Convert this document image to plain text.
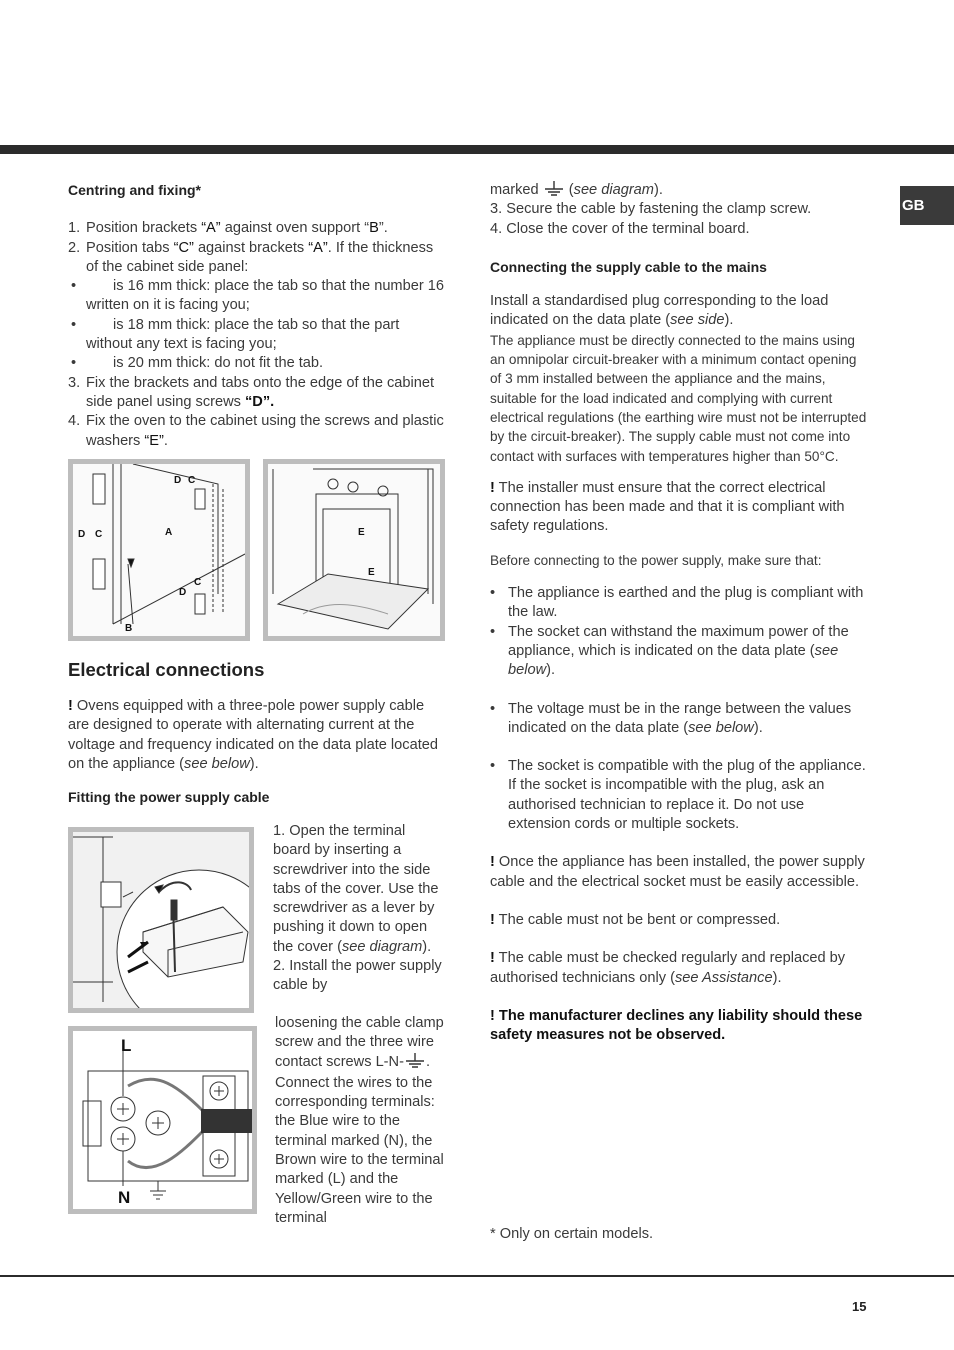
GB
Centring and fixing*
1. Position brackets “A” against oven support “B”.
2. Position tabs “C” against brackets “A”. If the thickness of the cabinet side panel:
•	is 16 mm thick: place the tab so that the number 16 written on it is facing you;
•	is 18 mm thick: place the tab so that the part without any text is facing you;
•	is 20 mm thick: do not fit the tab.
3. Fix the brackets and tabs onto the edge of the cabinet side panel using screws “D”.
4. Fix the oven to the cabinet using the screws and plastic washers “E”.
D C
D C	A
D
C
B
E
E
Electrical connections
! Ovens equipped with a three-pole power supply cable are designed to operate with alternating current at the voltage and frequency indicated on the data plate located on the appliance (see below).
Fitting the power supply cable
1. Open the terminal board by inserting a screwdriver into the side tabs of the cover. Use the screwdriver as a lever by pushing it down to open the cover (see diagram).
2. Install the power supply cable by
L
N
loosening the cable clamp screw and the three wire contact screws L-N- .
Connect the wires to the corresponding terminals: the Blue wire to the terminal marked (N), the Brown wire to the terminal marked (L) and the Yellow/Green wire to the terminal
marked  (see diagram).
3. Secure the cable by fastening the clamp screw.
4. Close the cover of the terminal board.
Connecting the supply cable to the mains
Install a standardised plug corresponding to the load indicated on the data plate (see side).
The appliance must be directly connected to the mains using an omnipolar circuit-breaker with a minimum contact opening of 3 mm installed between the appliance and the mains, suitable for the load indicated and complying with current electrical regulations (the earthing wire must not be interrupted by the circuit-breaker). The supply cable must not come into contact with surfaces with temperatures higher than 50°C.
! The installer must ensure that the correct electrical connection has been made and that it is compliant with safety regulations.
Before connecting to the power supply, make sure that:
• The appliance is earthed and the plug is compliant with the law.
• The socket can withstand the maximum power of the appliance, which is indicated on the data plate (see below).
• The voltage must be in the range between the values indicated on the data plate (see below).
• The socket is compatible with the plug of the appliance. If the socket is incompatible with the plug, ask an authorised technician to replace it. Do not use extension cords or multiple sockets.
! Once the appliance has been installed, the power supply cable and the electrical socket must be easily accessible.
! The cable must not be bent or compressed.
! The cable must be checked regularly and replaced by authorised technicians only (see Assistance).
! The manufacturer declines any liability should these safety measures not be observed.
* Only on certain models.
15
